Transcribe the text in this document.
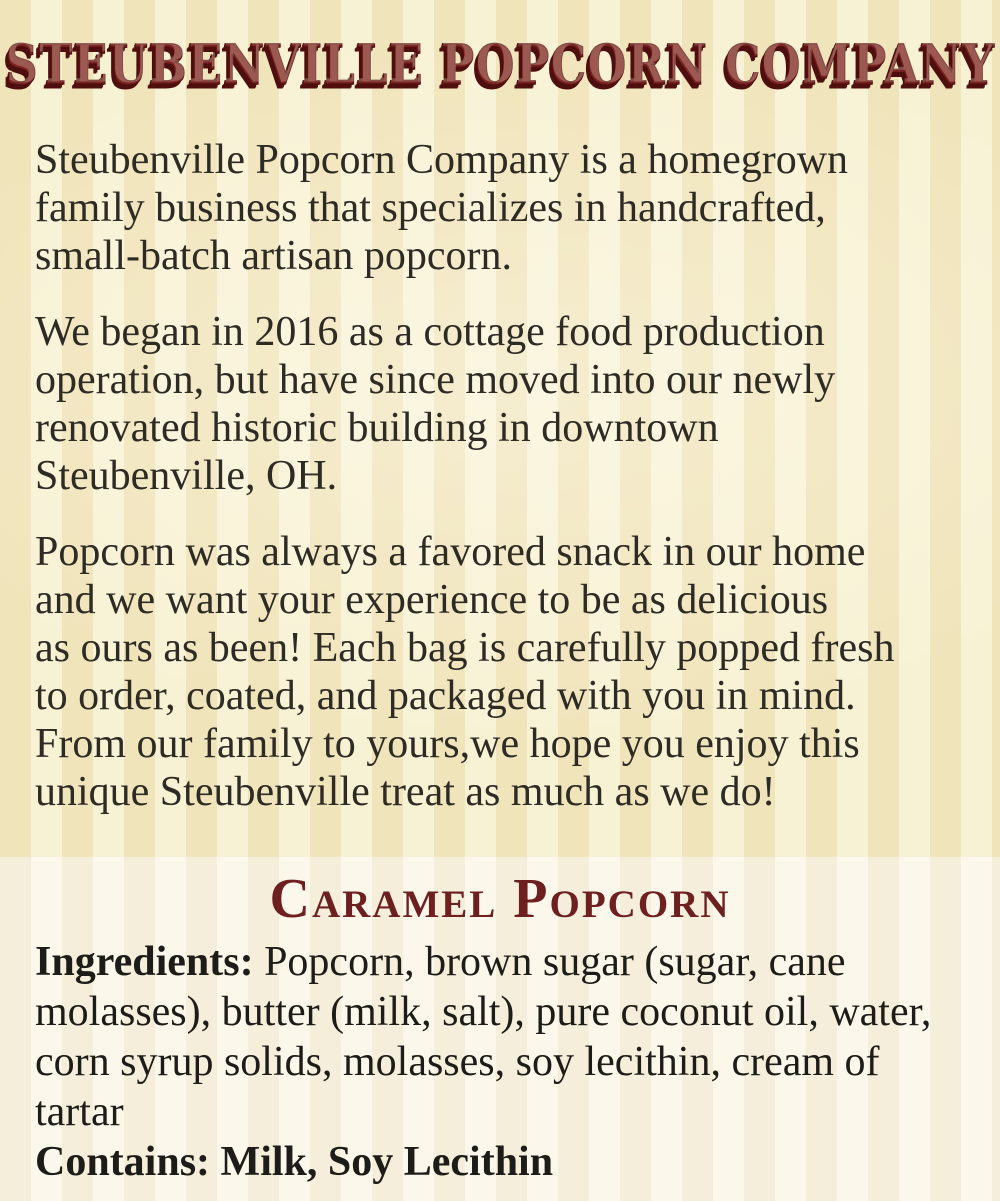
STEUBENVILLE POPCORN COMPANY STEUBENVILLE POPCORN COMPANY

Steubenville Popcorn Company is a homegrown
family business that specializes in handcrafted,
small-batch artisan popcorn.

We began in 2016 as a cottage food production
operation, but have since moved into our newly
renovated historic building in downtown
Steubenville, OH.

Popcorn was always a favored snack in our home
and we want your experience to be as delicious
as ours as been! Each bag is carefully popped fresh
to order, coated, and packaged with you in mind.
From our family to yours,we hope you enjoy this
unique Steubenville treat as much as we do!

Caramel Popcorn
Ingredients: Popcorn, brown sugar (sugar, cane
molasses), butter (milk, salt), pure coconut oil, water,
corn syrup solids, molasses, soy lecithin, cream of
tartar
Contains: Milk, Soy Lecithin
